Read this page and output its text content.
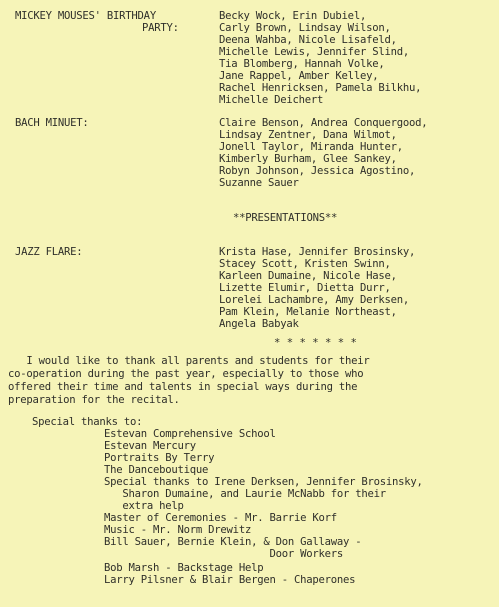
MICKEY MOUSES' BIRTHDAY
PARTY:
Becky Wock, Erin Dubiel,
Carly Brown, Lindsay Wilson,
Deena Wahba, Nicole Lisafeld,
Michelle Lewis, Jennifer Slind,
Tia Blomberg, Hannah Volke,
Jane Rappel, Amber Kelley,
Rachel Henricksen, Pamela Bilkhu,
Michelle Deichert
BACH MINUET:	Claire Benson, Andrea Conquergood,
Lindsay Zentner, Dana Wilmot,
Jonell Taylor, Miranda Hunter,
Kimberly Burham, Glee Sankey,
Robyn Johnson, Jessica Agostino,
Suzanne Sauer
**PRESENTATIONS**
JAZZ FLARE:	Krista Hase, Jennifer Brosinsky,
Stacey Scott, Kristen Swinn,
Karleen Dumaine, Nicole Hase,
Lizette Elumir, Dietta Durr,
Lorelei Lachambre, Amy Derksen,
Pam Klein, Melanie Northeast,
Angela Babyak
* * * * * * *
I would like to thank all parents and students for their
co-operation during the past year, especially to those who
offered their time and talents in special ways during the
preparation for the recital.
Special thanks to:
Estevan Comprehensive School
Estevan Mercury
Portraits By Terry
The Danceboutique
Special thanks to Irene Derksen, Jennifer Brosinsky,
Sharon Dumaine, and Laurie McNabb for their
extra help
Master of Ceremonies - Mr. Barrie Korf
Music - Mr. Norm Drewitz
Bill Sauer, Bernie Klein, & Don Gallaway -
Door Workers
Bob Marsh - Backstage Help
Larry Pilsner & Blair Bergen - Chaperones
